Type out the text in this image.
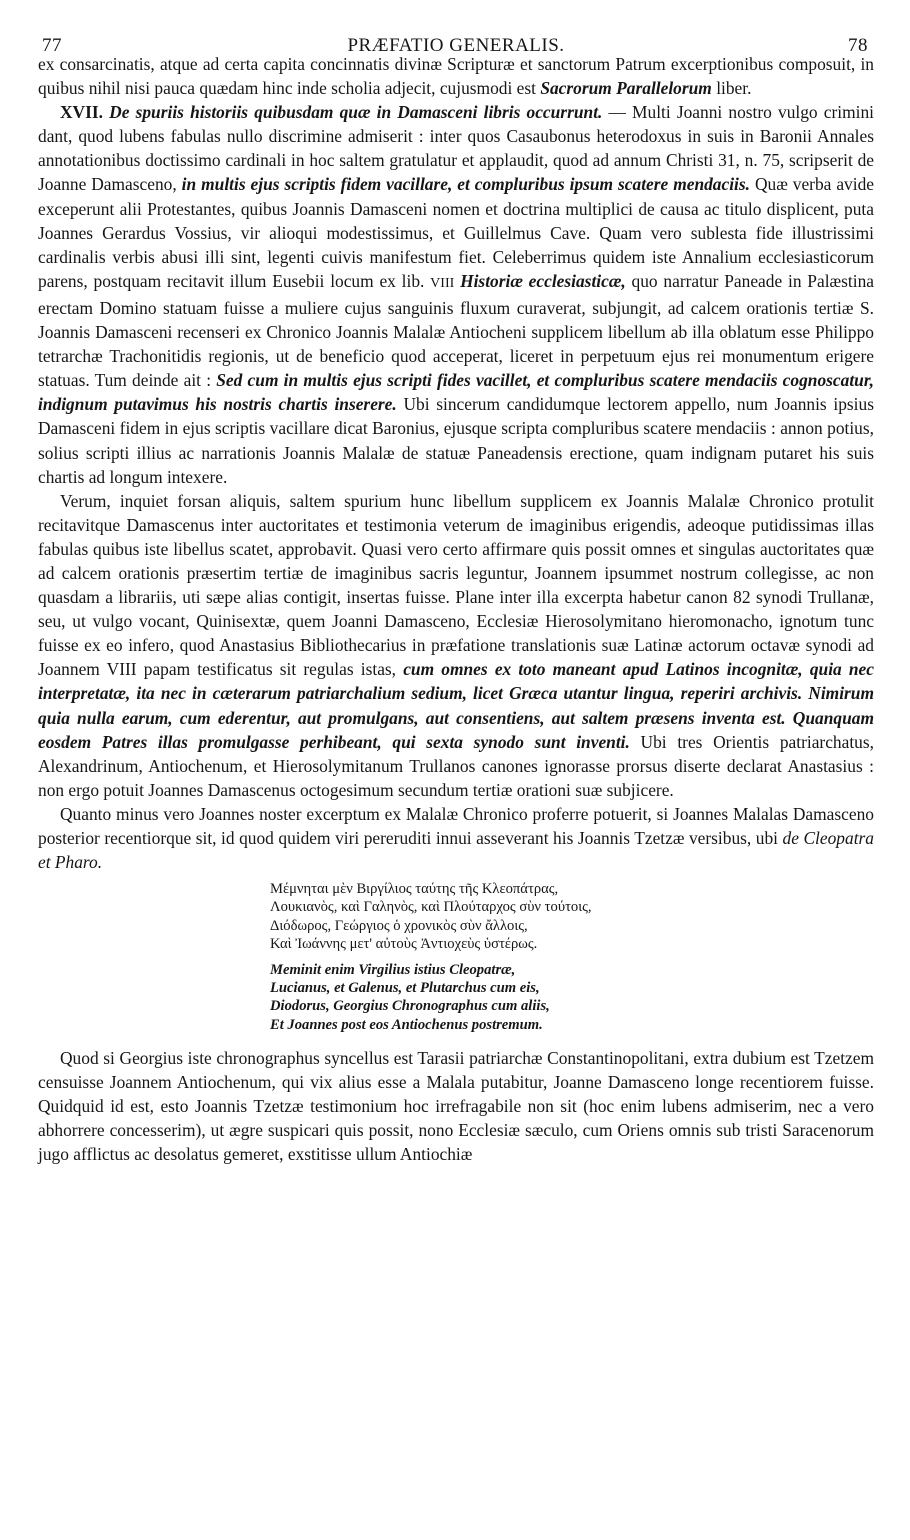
77	PRÆFATIO GENERALIS.	78

ex consarcinatis, atque ad certa capita concinnatis divinæ Scripturæ et sanctorum Patrum excerptionibus composuit, in quibus nihil nisi pauca quædam hinc inde scholia adjecit, cujusmodi est Sacrorum Parallelorum liber.

XVII. De spuriis historiis quibusdam quæ in Damasceni libris occurrunt. — Multi Joanni nostro vulgo crimini dant, quod lubens fabulas nullo discrimine admiserit : inter quos Casaubonus heterodoxus in suis in Baronii Annales annotationibus doctissimo cardinali in hoc saltem gratulatur et applaudit, quod ad annum Christi 31, n. 75, scripserit de Joanne Damasceno, in multis ejus scriptis fidem vacillare, et compluribus ipsum scatere mendaciis. Quæ verba avide exceperunt alii Protestantes, quibus Joannis Damasceni nomen et doctrina multiplici de causa ac titulo displicent, puta Joannes Gerardus Vossius, vir alioqui modestissimus, et Guillelmus Cave. Quam vero sublesta fide illustrissimi cardinalis verbis abusi illi sint, legenti cuivis manifestum fiet. Celeberrimus quidem iste Annalium ecclesiasticorum parens, postquam recitavit illum Eusebii locum ex lib. VIII Historiæ ecclesiasticæ, quo narratur Paneade in Palæstina erectam Domino statuam fuisse a muliere cujus sanguinis fluxum curaverat, subjungit, ad calcem orationis tertiæ S. Joannis Damasceni recenseri ex Chronico Joannis Malalæ Antiocheni supplicem libellum ab illa oblatum esse Philippo tetrarchæ Trachonitidis regionis, ut de beneficio quod acceperat, liceret in perpetuum ejus rei monumentum erigere statuas. Tum deinde ait : Sed cum in multis ejus scripti fides vacillet, et compluribus scatere mendaciis cognoscatur, indignum putavimus his nostris chartis inserere. Ubi sincerum candidumque lectorem appello, num Joannis ipsius Damasceni fidem in ejus scriptis vacillare dicat Baronius, ejusque scripta compluribus scatere mendaciis : annon potius, solius scripti illius ac narrationis Joannis Malalæ de statuæ Paneadensis erectione, quam indignam putaret his suis chartis ad longum intexere.

Verum, inquiet forsan aliquis, saltem spurium hunc libellum supplicem ex Joannis Malalæ Chronico protulit recitavitque Damascenus inter auctoritates et testimonia veterum de imaginibus erigendis, adeoque putidissimas illas fabulas quibus iste libellus scatet, approbavit. Quasi vero certo affirmare quis possit omnes et singulas auctoritates quæ ad calcem orationis præsertim tertiæ de imaginibus sacris leguntur, Joannem ipsummet nostrum collegisse, ac non quasdam a librariis, uti sæpe alias contigit, insertas fuisse. Plane inter illa excerpta habetur canon 82 synodi Trullanæ, seu, ut vulgo vocant, Quinisextæ, quem Joanni Damasceno, Ecclesiæ Hierosolymitano hieromonacho, ignotum tunc fuisse ex eo infero, quod Anastasius Bibliothecarius in præfatione translationis suæ Latinæ actorum octavæ synodi ad Joannem VIII papam testificatus sit regulas istas, cum omnes ex toto maneant apud Latinos incognitæ, quia nec interpretatæ, ita nec in cæterarum patriarchalium sedium, licet Græca utantur lingua, reperiri archivis. Nimirum quia nulla earum, cum ederentur, aut promulgans, aut consentiens, aut saltem præsens inventa est. Quanquam eosdem Patres illas promulgasse perhibeant, qui sexta synodo sunt inventi. Ubi tres Orientis patriarchatus, Alexandrinum, Antiochenum, et Hierosolymitanum Trullanos canones ignorasse prorsus diserte declarat Anastasius : non ergo potuit Joannes Damascenus octogesimum secundum tertiæ orationi suæ subjicere.

Quanto minus vero Joannes noster excerptum ex Malalæ Chronico proferre potuerit, si Joannes Malalas Damasceno posterior recentiorque sit, id quod quidem viri pereruditi innui asseverant his Joannis Tzetzæ versibus, ubi de Cleopatra et Pharo.

Μέμνηται μὲν Βιργίλιος ταύτης τῆς Κλεοπάτρας,
Λουκιανὸς, καὶ Γαληνὸς, καὶ Πλούταρχος σὺν τούτοις,
Διόδωρος, Γεώργιος ὁ χρονικὸς σὺν ἄλλοις,
Καὶ Ἰωάννης μετ' αὐτοὺς Ἀντιοχεὺς ὑστέρως.
Meminit enim Virgilius istius Cleopatræ,
Lucianus, et Galenus, et Plutarchus cum eis,
Diodorus, Georgius Chronographus cum aliis,
Et Joannes post eos Antiochenus postremum.

Quod si Georgius iste chronographus syncellus est Tarasii patriarchæ Constantinopolitani, extra dubium est Tzetzem censuisse Joannem Antiochenum, qui vix alius esse a Malala putabitur, Joanne Damasceno longe recentiorem fuisse. Quidquid id est, esto Joannis Tzetzæ testimonium hoc irrefragabile non sit (hoc enim lubens admiserim, nec a vero abhorrere concesserim), ut ægre suspicari quis possit, nono Ecclesiæ sæculo, cum Oriens omnis sub tristi Saracenorum jugo afflictus ac desolatus gemeret, exstitisse ullum Antiochiæ
